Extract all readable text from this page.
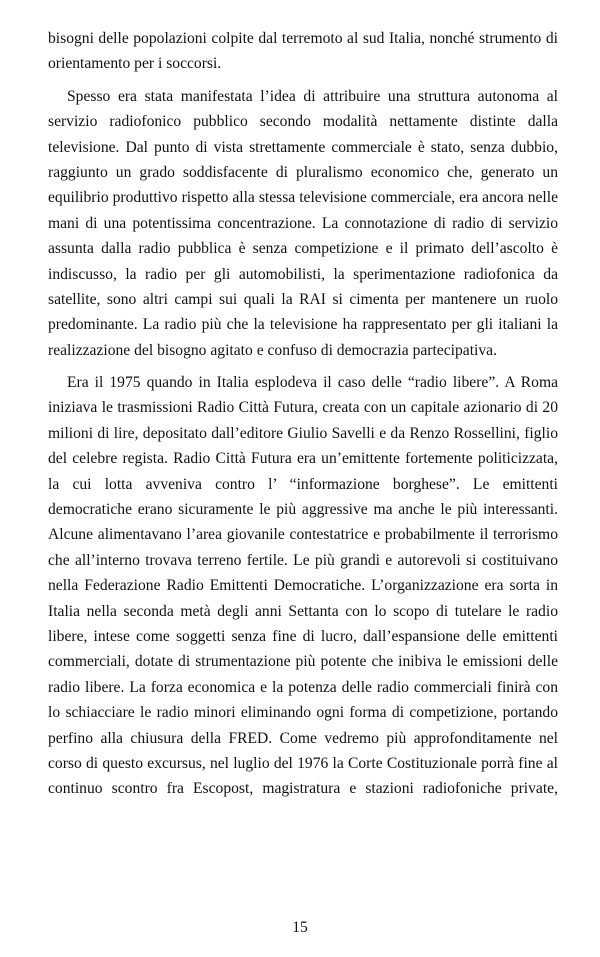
bisogni delle popolazioni colpite dal terremoto al sud Italia, nonché strumento di
orientamento per i soccorsi.
Spesso era stata manifestata l’idea di attribuire una struttura autonoma al
servizio radiofonico pubblico secondo modalità nettamente distinte dalla
televisione. Dal punto di vista strettamente commerciale è stato, senza dubbio,
raggiunto un grado soddisfacente di pluralismo economico che, generato un
equilibrio produttivo rispetto alla stessa televisione commerciale, era ancora nelle
mani di una potentissima concentrazione. La connotazione di radio di servizio
assunta dalla radio pubblica è senza competizione e il primato dell’ascolto è
indiscusso, la radio per gli automobilisti, la sperimentazione radiofonica da
satellite, sono altri campi sui quali la RAI si cimenta per mantenere un ruolo
predominante. La radio più che la televisione ha rappresentato per gli italiani la
realizzazione del bisogno agitato e confuso di democrazia partecipativa.
Era il 1975 quando in Italia esplodeva il caso delle “radio libere”. A Roma
iniziava le trasmissioni Radio Città Futura, creata con un capitale azionario di 20
milioni di lire, depositato dall’editore Giulio Savelli e da Renzo Rossellini, figlio
del celebre regista. Radio Città Futura era un’emittente fortemente politicizzata,
la cui lotta avveniva contro l’ “informazione borghese”. Le emittenti
democratiche erano sicuramente le più aggressive ma anche le più interessanti.
Alcune alimentavano l’area giovanile contestatrice e probabilmente il terrorismo
che all’interno trovava terreno fertile. Le più grandi e autorevoli si costituivano
nella Federazione Radio Emittenti Democratiche. L’organizzazione era sorta in
Italia nella seconda metà degli anni Settanta con lo scopo di tutelare le radio
libere, intese come soggetti senza fine di lucro, dall’espansione delle emittenti
commerciali, dotate di strumentazione più potente che inibiva le emissioni delle
radio libere. La forza economica e la potenza delle radio commerciali finirà con
lo schiacciare le radio minori eliminando ogni forma di competizione, portando
perfino alla chiusura della FRED. Come vedremo più approfonditamente nel
corso di questo excursus, nel luglio del 1976 la Corte Costituzionale porrà fine al
continuo scontro fra Escopost, magistratura e stazioni radiofoniche private,
15
